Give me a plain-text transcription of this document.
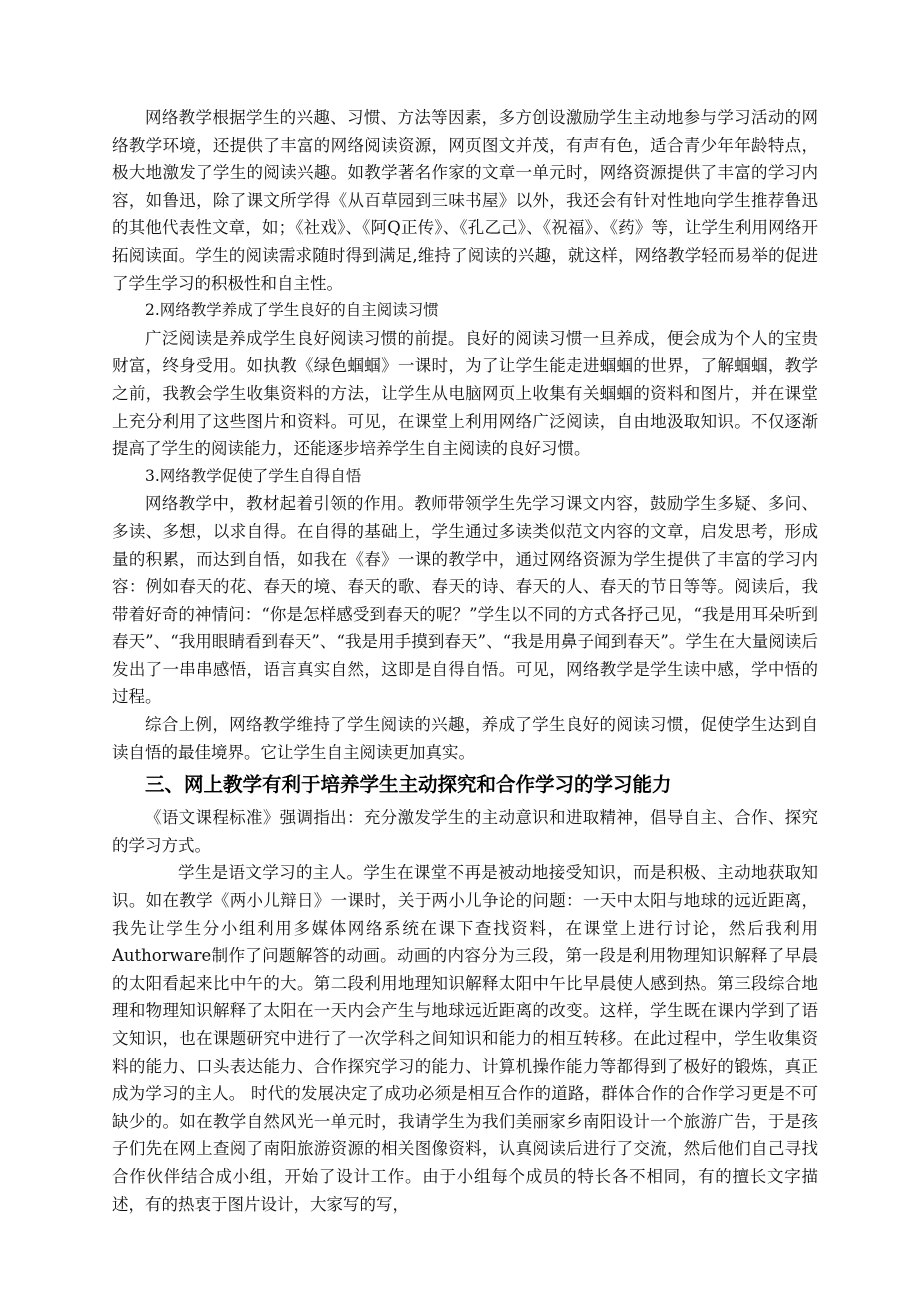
网络教学根据学生的兴趣、习惯、方法等因素，多方创设激励学生主动地参与学习活动的网络教学环境，还提供了丰富的网络阅读资源，网页图文并茂，有声有色，适合青少年年龄特点，极大地激发了学生的阅读兴趣。如教学著名作家的文章一单元时，网络资源提供了丰富的学习内容，如鲁迅，除了课文所学得《从百草园到三味书屋》以外，我还会有针对性地向学生推荐鲁迅的其他代表性文章，如；《社戏》、《阿Q正传》、《孔乙己》、《祝福》、《药》等，让学生利用网络开拓阅读面。学生的阅读需求随时得到满足,维持了阅读的兴趣，就这样，网络教学轻而易举的促进了学生学习的积极性和自主性。

2.网络教学养成了学生良好的自主阅读习惯

广泛阅读是养成学生良好阅读习惯的前提。良好的阅读习惯一旦养成，便会成为个人的宝贵财富，终身受用。如执教《绿色蝈蝈》一课时，为了让学生能走进蝈蝈的世界，了解蝈蝈，教学之前，我教会学生收集资料的方法，让学生从电脑网页上收集有关蝈蝈的资料和图片，并在课堂上充分利用了这些图片和资料。可见，在课堂上利用网络广泛阅读，自由地汲取知识。不仅逐渐提高了学生的阅读能力，还能逐步培养学生自主阅读的良好习惯。

3.网络教学促使了学生自得自悟

网络教学中，教材起着引领的作用。教师带领学生先学习课文内容，鼓励学生多疑、多问、多读、多想，以求自得。在自得的基础上，学生通过多读类似范文内容的文章，启发思考，形成量的积累，而达到自悟，如我在《春》一课的教学中，通过网络资源为学生提供了丰富的学习内容：例如春天的花、春天的境、春天的歌、春天的诗、春天的人、春天的节日等等。阅读后，我带着好奇的神情问：“你是怎样感受到春天的呢？”学生以不同的方式各抒己见，“我是用耳朵听到春天”、“我用眼睛看到春天”、“我是用手摸到春天”、“我是用鼻子闻到春天”。学生在大量阅读后发出了一串串感悟，语言真实自然，这即是自得自悟。可见，网络教学是学生读中感，学中悟的过程。

综合上例，网络教学维持了学生阅读的兴趣，养成了学生良好的阅读习惯，促使学生达到自读自悟的最佳境界。它让学生自主阅读更加真实。

三、网上教学有利于培养学生主动探究和合作学习的学习能力

《语文课程标准》强调指出：充分激发学生的主动意识和进取精神，倡导自主、合作、探究的学习方式。

学生是语文学习的主人。学生在课堂不再是被动地接受知识，而是积极、主动地获取知识。如在教学《两小儿辩日》一课时，关于两小儿争论的问题：一天中太阳与地球的远近距离，我先让学生分小组利用多媒体网络系统在课下查找资料，在课堂上进行讨论，然后我利用Authorware制作了问题解答的动画。动画的内容分为三段，第一段是利用物理知识解释了早晨的太阳看起来比中午的大。第二段利用地理知识解释太阳中午比早晨使人感到热。第三段综合地理和物理知识解释了太阳在一天内会产生与地球远近距离的改变。这样，学生既在课内学到了语文知识，也在课题研究中进行了一次学科之间知识和能力的相互转移。在此过程中，学生收集资料的能力、口头表达能力、合作探究学习的能力、计算机操作能力等都得到了极好的锻炼，真正成为学习的主人。 时代的发展决定了成功必须是相互合作的道路，群体合作的合作学习更是不可缺少的。如在教学自然风光一单元时，我请学生为我们美丽家乡南阳设计一个旅游广告，于是孩子们先在网上查阅了南阳旅游资源的相关图像资料，认真阅读后进行了交流，然后他们自己寻找合作伙伴结合成小组，开始了设计工作。由于小组每个成员的特长各不相同，有的擅长文字描述，有的热衷于图片设计，大家写的写，
